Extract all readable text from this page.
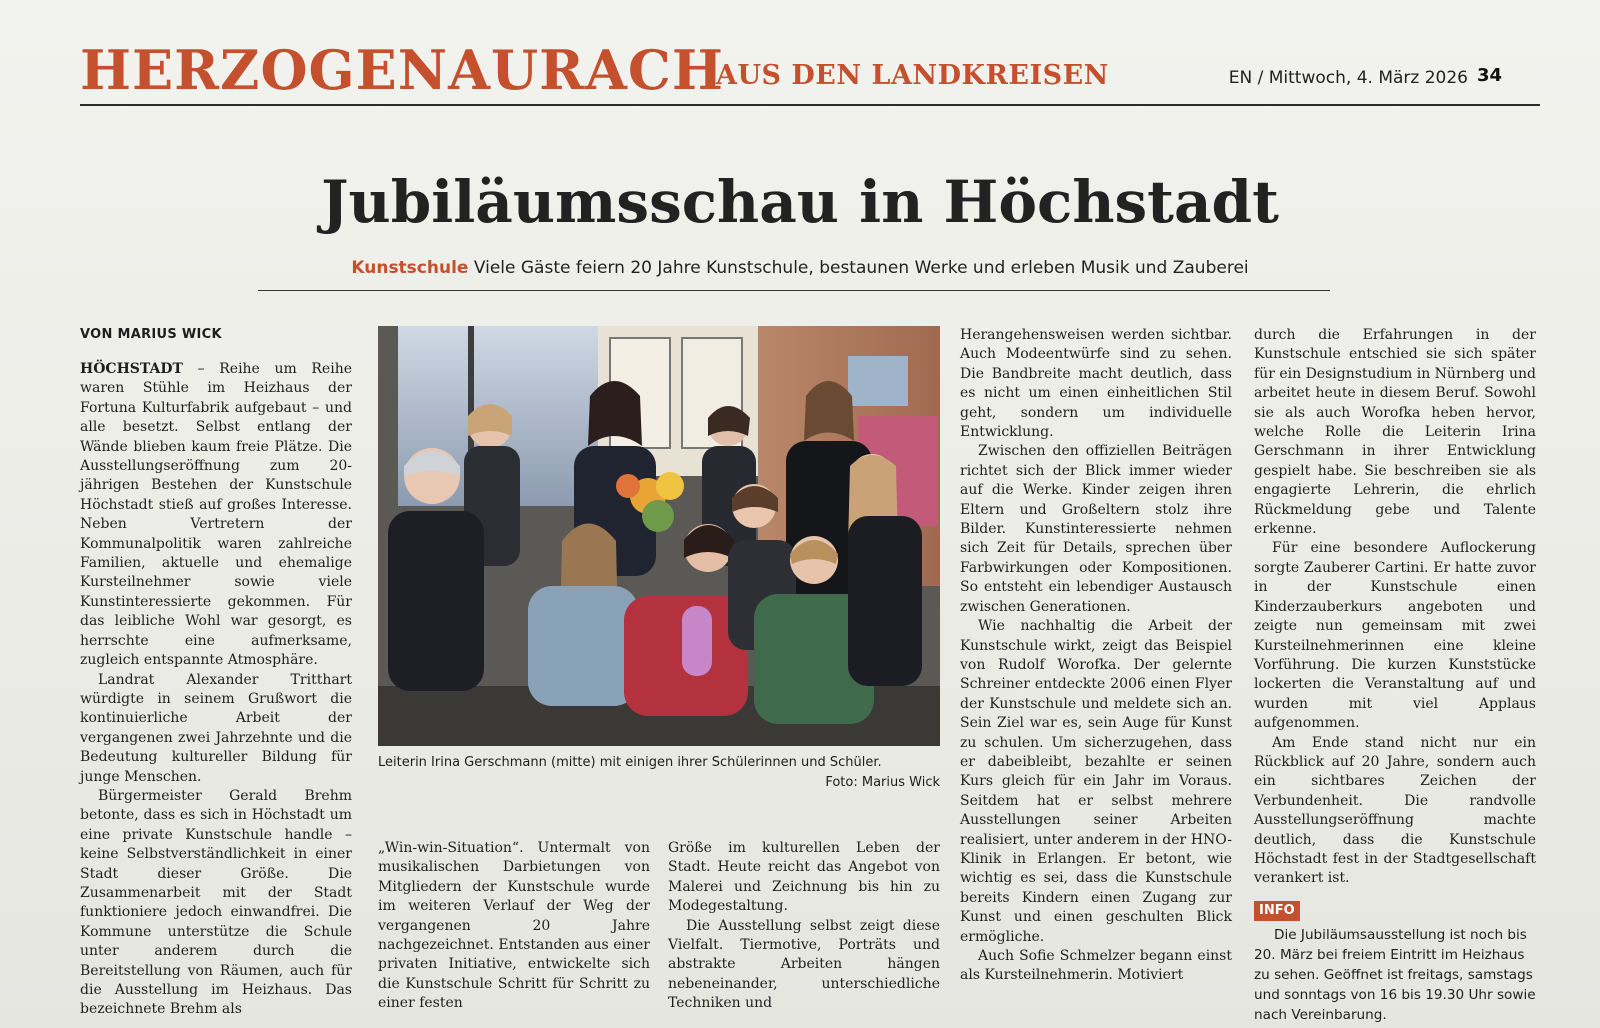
HERZOGENAURACH
AUS DEN LANDKREISEN	EN / Mittwoch, 4. März 2026 34
Jubiläumsschau in Höchstadt
Kunstschule Viele Gäste feiern 20 Jahre Kunstschule, bestaunen Werke und erleben Musik und Zauberei
VON MARIUS WICK

HÖCHSTADT – Reihe um Reihe waren Stühle im Heizhaus der Fortuna Kulturfabrik aufgebaut – und alle besetzt. Selbst entlang der Wände blieben kaum freie Plätze. Die Ausstellungseröffnung zum 20-jährigen Bestehen der Kunstschule Höchstadt stieß auf großes Interesse. Neben Vertretern der Kommunalpolitik waren zahlreiche Familien, aktuelle und ehemalige Kursteilnehmer sowie viele Kunstinteressierte gekommen. Für das leibliche Wohl war gesorgt, es herrschte eine aufmerksame, zugleich entspannte Atmosphäre.

Landrat Alexander Tritthart würdigte in seinem Grußwort die kontinuierliche Arbeit der vergangenen zwei Jahrzehnte und die Bedeutung kultureller Bildung für junge Menschen.

Bürgermeister Gerald Brehm betonte, dass es sich in Höchstadt um eine private Kunstschule handle – keine Selbstverständlichkeit in einer Stadt dieser Größe. Die Zusammenarbeit mit der Stadt funktioniere jedoch einwandfrei. Die Kommune unterstütze die Schule unter anderem durch die Bereitstellung von Räumen, auch für die Ausstellung im Heizhaus. Das bezeichnete Brehm als

Leiterin Irina Gerschmann (mitte) mit einigen ihrer Schülerinnen und Schüler.
Foto: Marius Wick

„Win-win-Situation“. Untermalt von musikalischen Darbietungen von Mitgliedern der Kunstschule wurde im weiteren Verlauf der Weg der vergangenen 20 Jahre nachgezeichnet. Entstanden aus einer privaten Initiative, entwickelte sich die Kunstschule Schritt für Schritt zu einer festen

Größe im kulturellen Leben der Stadt. Heute reicht das Angebot von Malerei und Zeichnung bis hin zu Modegestaltung.

Die Ausstellung selbst zeigt diese Vielfalt. Tiermotive, Porträts und abstrakte Arbeiten hängen nebeneinander, unterschiedliche Techniken und

Herangehensweisen werden sichtbar. Auch Modeentwürfe sind zu sehen. Die Bandbreite macht deutlich, dass es nicht um einen einheitlichen Stil geht, sondern um individuelle Entwicklung.

Zwischen den offiziellen Beiträgen richtet sich der Blick immer wieder auf die Werke. Kinder zeigen ihren Eltern und Großeltern stolz ihre Bilder. Kunstinteressierte nehmen sich Zeit für Details, sprechen über Farbwirkungen oder Kompositionen. So entsteht ein lebendiger Austausch zwischen Generationen.

Wie nachhaltig die Arbeit der Kunstschule wirkt, zeigt das Beispiel von Rudolf Worofka. Der gelernte Schreiner entdeckte 2006 einen Flyer der Kunstschule und meldete sich an. Sein Ziel war es, sein Auge für Kunst zu schulen. Um sicherzugehen, dass er dabeibleibt, bezahlte er seinen Kurs gleich für ein Jahr im Voraus. Seitdem hat er selbst mehrere Ausstellungen seiner Arbeiten realisiert, unter anderem in der HNO-Klinik in Erlangen. Er betont, wie wichtig es sei, dass die Kunstschule bereits Kindern einen Zugang zur Kunst und einen geschulten Blick ermögliche.

Auch Sofie Schmelzer begann einst als Kursteilnehmerin. Motiviert

durch die Erfahrungen in der Kunstschule entschied sie sich später für ein Designstudium in Nürnberg und arbeitet heute in diesem Beruf. Sowohl sie als auch Worofka heben hervor, welche Rolle die Leiterin Irina Gerschmann in ihrer Entwicklung gespielt habe. Sie beschreiben sie als engagierte Lehrerin, die ehrlich Rückmeldung gebe und Talente erkenne.

Für eine besondere Auflockerung sorgte Zauberer Cartini. Er hatte zuvor in der Kunstschule einen Kinderzauberkurs angeboten und zeigte nun gemeinsam mit zwei Kursteilnehmerinnen eine kleine Vorführung. Die kurzen Kunststücke lockerten die Veranstaltung auf und wurden mit viel Applaus aufgenommen.

Am Ende stand nicht nur ein Rückblick auf 20 Jahre, sondern auch ein sichtbares Zeichen der Verbundenheit. Die randvolle Ausstellungseröffnung machte deutlich, dass die Kunstschule Höchstadt fest in der Stadtgesellschaft verankert ist.

INFO
Die Jubiläumsausstellung ist noch bis 20. März bei freiem Eintritt im Heizhaus zu sehen. Geöffnet ist freitags, samstags und sonntags von 16 bis 19.30 Uhr sowie nach Vereinbarung.
